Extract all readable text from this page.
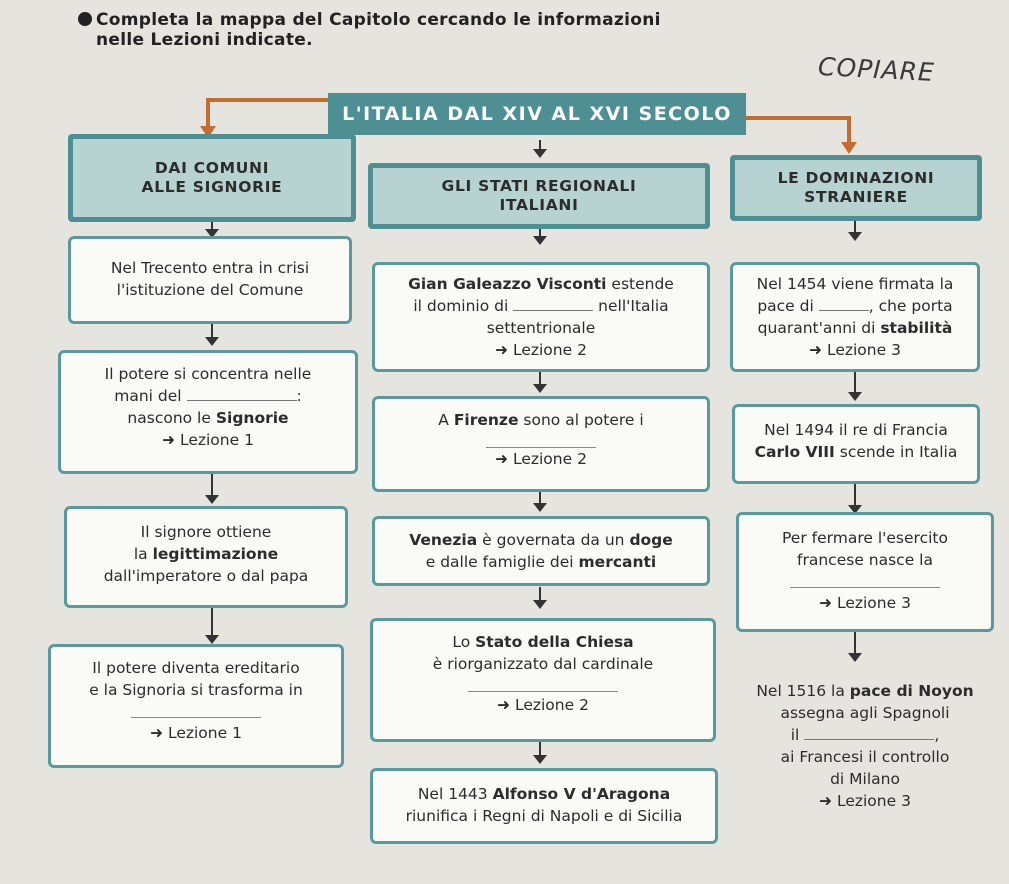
Completa la mappa del Capitolo cercando le informazioni
nelle Lezioni indicate.
COPIARE
L'ITALIA DAL XIV AL XVI SECOLO
DAI COMUNI
ALLE SIGNORIE	GLI STATI REGIONALI
ITALIANI
LE DOMINAZIONI
STRANIERE
Nel Trecento entra in crisi
l'istituzione del Comune
Il potere si concentra nelle
mani del	:
nascono le Signorie
➜ Lezione 1
Il signore ottiene
la legittimazione
dall'imperatore o dal papa
Il potere diventa ereditario
e la Signoria si trasforma in
➜ Lezione 1
Gian Galeazzo Visconti estende
il dominio di	nell'Italia
settentrionale
➜ Lezione 2
A Firenze sono al potere i
➜ Lezione 2
Venezia è governata da un doge
e dalle famiglie dei mercanti
Lo Stato della Chiesa
è riorganizzato dal cardinale
➜ Lezione 2
Nel 1443 Alfonso V d'Aragona
riunifica i Regni di Napoli e di Sicilia
Nel 1454 viene firmata la
pace di	, che porta
quarant'anni di stabilità
➜ Lezione 3
Nel 1494 il re di Francia
Carlo VIII scende in Italia
Per fermare l'esercito
francese nasce la
➜ Lezione 3
Nel 1516 la pace di Noyon
assegna agli Spagnoli
il	,
ai Francesi il controllo
di Milano
➜ Lezione 3
